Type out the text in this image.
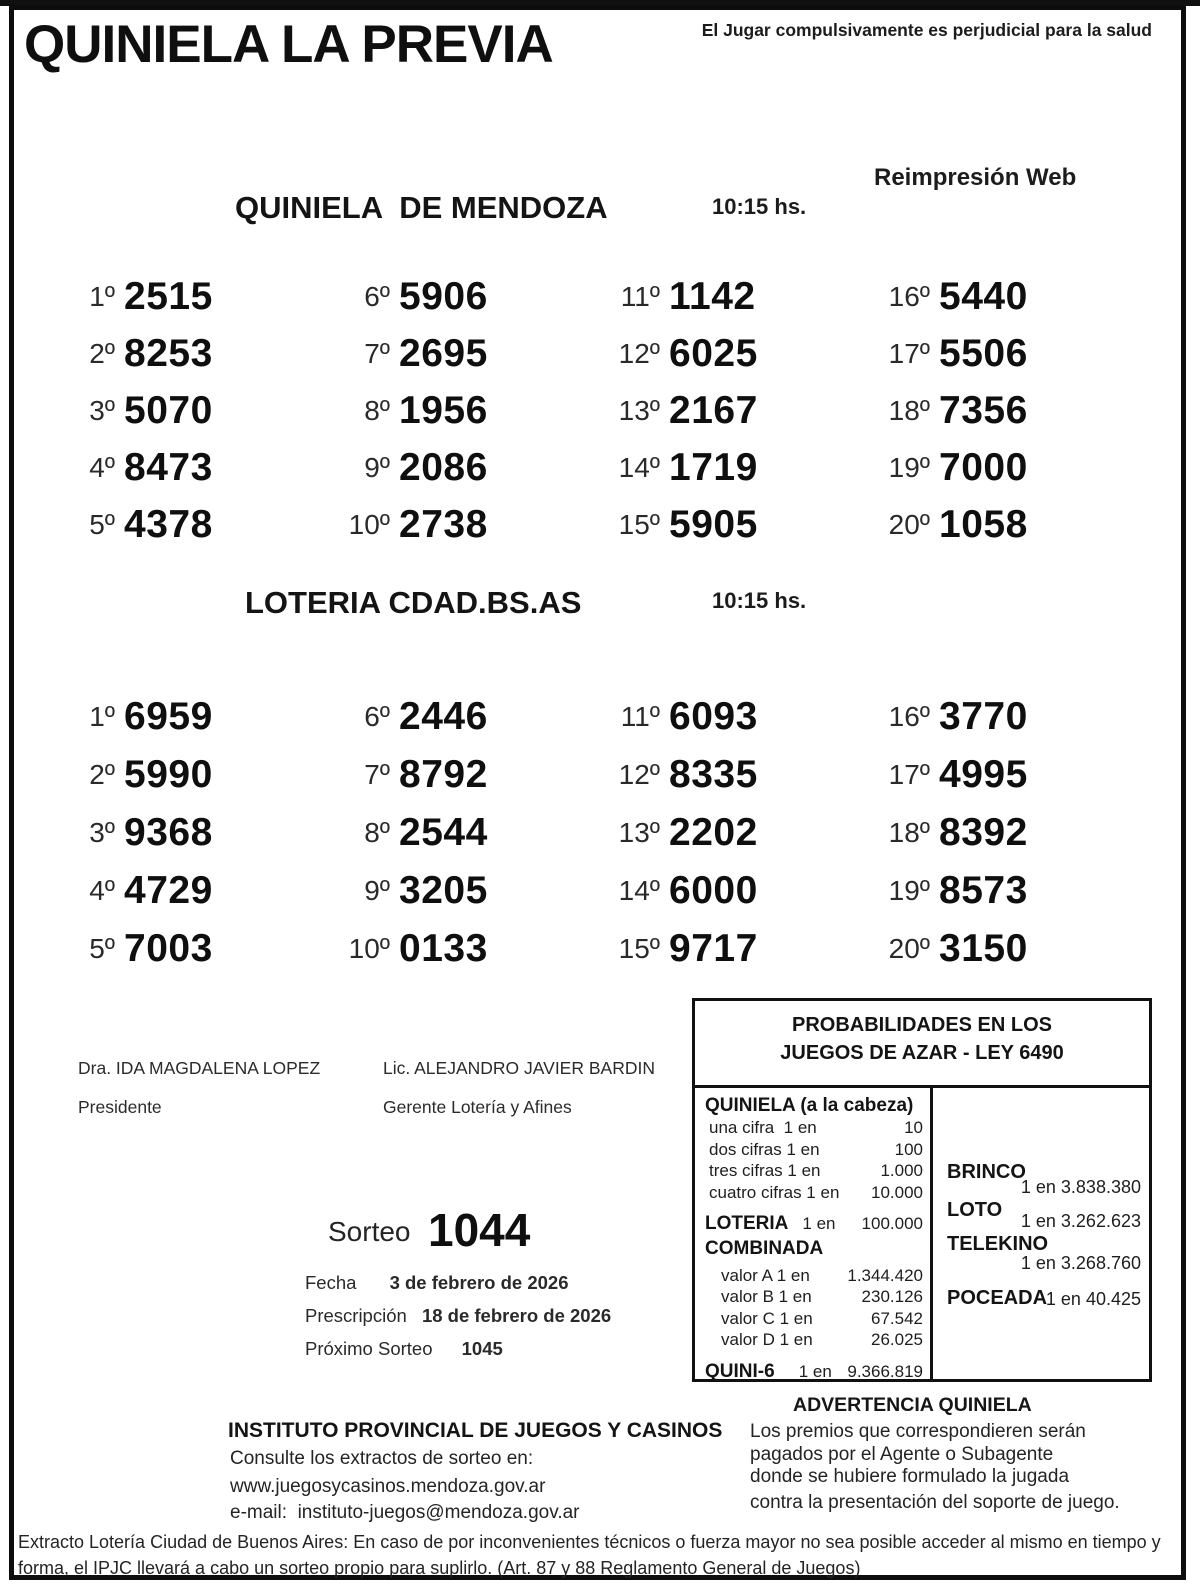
QUINIELA LA PREVIA	El Jugar compulsivamente es perjudicial para la salud
Reimpresión Web
QUINIELA  DE MENDOZA	10:15 hs.
1º 2515
2º 8253
3º 5070
4º 8473
5º 4378
6º 5906
7º 2695
8º 1956
9º 2086
10º 2738
11º 1142
12º 6025
13º 2167
14º 1719
15º 5905
16º 5440
17º 5506
18º 7356
19º 7000
20º 1058
LOTERIA CDAD.BS.AS	10:15 hs.
1º 6959
2º 5990
3º 9368
4º 4729
5º 7003
6º 2446
7º 8792
8º 2544
9º 3205
10º 0133
11º 6093
12º 8335
13º 2202
14º 6000
15º 9717
16º 3770
17º 4995
18º 8392
19º 8573
20º 3150
Dra. IDA MAGDALENA LOPEZ
Presidente
Lic. ALEJANDRO JAVIER BARDIN
Gerente Lotería y Afines
Sorteo 1044
Fecha 3 de febrero de 2026
Prescripción 18 de febrero de 2026
Próximo Sorteo 1045
PROBABILIDADES EN LOS
JUEGOS DE AZAR - LEY 6490
QUINIELA (a la cabeza)
una cifra  1 en	10
dos cifras 1 en	100
tres cifras 1 en	1.000
cuatro cifras 1 en 10.000
LOTERIA 1 en 100.000
COMBINADA
valor A 1 en 1.344.420
valor B 1 en	230.126
valor C 1 en	67.542
valor D 1 en	26.025
QUINI-6 1 en 9.366.819
BRINCO
1 en 3.838.380
LOTO 1 en 3.262.623
TELEKINO
1 en 3.268.760
POCEADA
1 en 40.425
ADVERTENCIA QUINIELA
Los premios que correspondieren serán
pagados por el Agente o Subagente
donde se hubiere formulado la jugada
contra la presentación del soporte de juego.
INSTITUTO PROVINCIAL DE JUEGOS Y CASINOS
Consulte los extractos de sorteo en:
www.juegosycasinos.mendoza.gov.ar
e-mail:  instituto-juegos@mendoza.gov.ar
Extracto Lotería Ciudad de Buenos Aires: En caso de por inconvenientes técnicos o fuerza mayor no sea posible acceder al mismo en tiempo y
forma, el IPJC llevará a cabo un sorteo propio para suplirlo. (Art. 87 y 88 Reglamento General de Juegos)
